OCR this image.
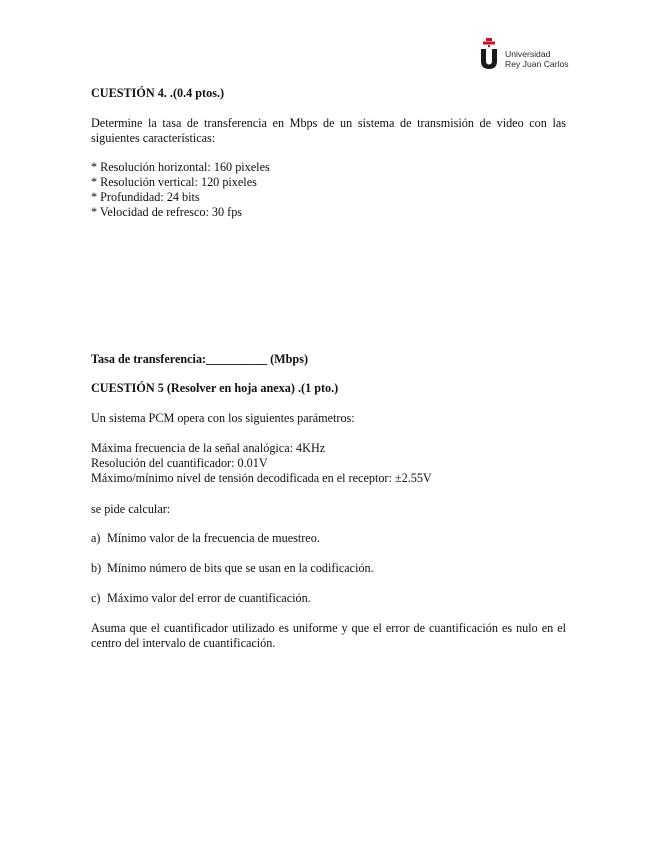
Universidad
Rey Juan Carlos

CUESTIÓN 4. .(0.4 ptos.)

Determine la tasa de transferencia en Mbps de un sistema de transmisión de video con las siguientes características:

* Resolución horizontal: 160 pixeles
* Resolución vertical: 120 pixeles
* Profundidad: 24 bits
* Velocidad de refresco: 30 fps

Tasa de transferencia:__________ (Mbps)

CUESTIÓN 5 (Resolver en hoja anexa) .(1 pto.)

Un sistema PCM opera con los siguientes parámetros:

Máxima frecuencia de la señal analógica: 4KHz
Resolución del cuantificador: 0.01V
Máximo/mínimo nivel de tensión decodificada en el receptor: ±2.55V

se pide calcular:

a) Mínimo valor de la frecuencia de muestreo.
b) Mínimo número de bits que se usan en la codificación.
c) Máximo valor del error de cuantificación.

Asuma que el cuantificador utilizado es uniforme y que el error de cuantificación es nulo en el centro del intervalo de cuantificación.
